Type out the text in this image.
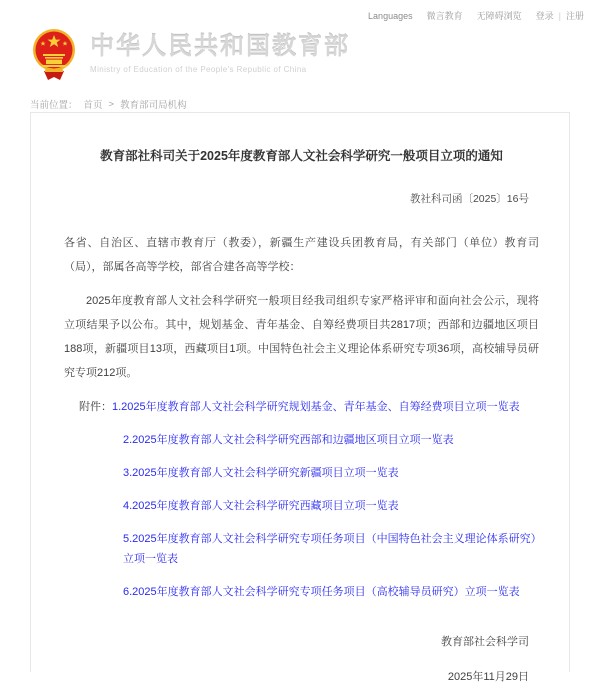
Languages 微言教育 无障碍浏览 登录 | 注册
中华人民共和国教育部
Ministry of Education of the People's Republic of China
当前位置： 首页 > 教育部司局机构
教育部社科司关于2025年度教育部人文社会科学研究一般项目立项的通知
教社科司函〔2025〕16号

各省、自治区、直辖市教育厅（教委），新疆生产建设兵团教育局，有关部门（单位）教育司（局），部属各高等学校，部省合建各高等学校：

2025年度教育部人文社会科学研究一般项目经我司组织专家严格评审和面向社会公示，现将立项结果予以公布。其中，规划基金、青年基金、自筹经费项目共2817项；西部和边疆地区项目188项，新疆项目13项，西藏项目1项。中国特色社会主义理论体系研究专项36项，高校辅导员研究专项212项。

附件： 1.2025年度教育部人文社会科学研究规划基金、青年基金、自筹经费项目立项一览表
2.2025年度教育部人文社会科学研究西部和边疆地区项目立项一览表
3.2025年度教育部人文社会科学研究新疆项目立项一览表
4.2025年度教育部人文社会科学研究西藏项目立项一览表
5.2025年度教育部人文社会科学研究专项任务项目（中国特色社会主义理论体系研究）立项一览表
6.2025年度教育部人文社会科学研究专项任务项目（高校辅导员研究）立项一览表
教育部社会科学司
2025年11月29日
